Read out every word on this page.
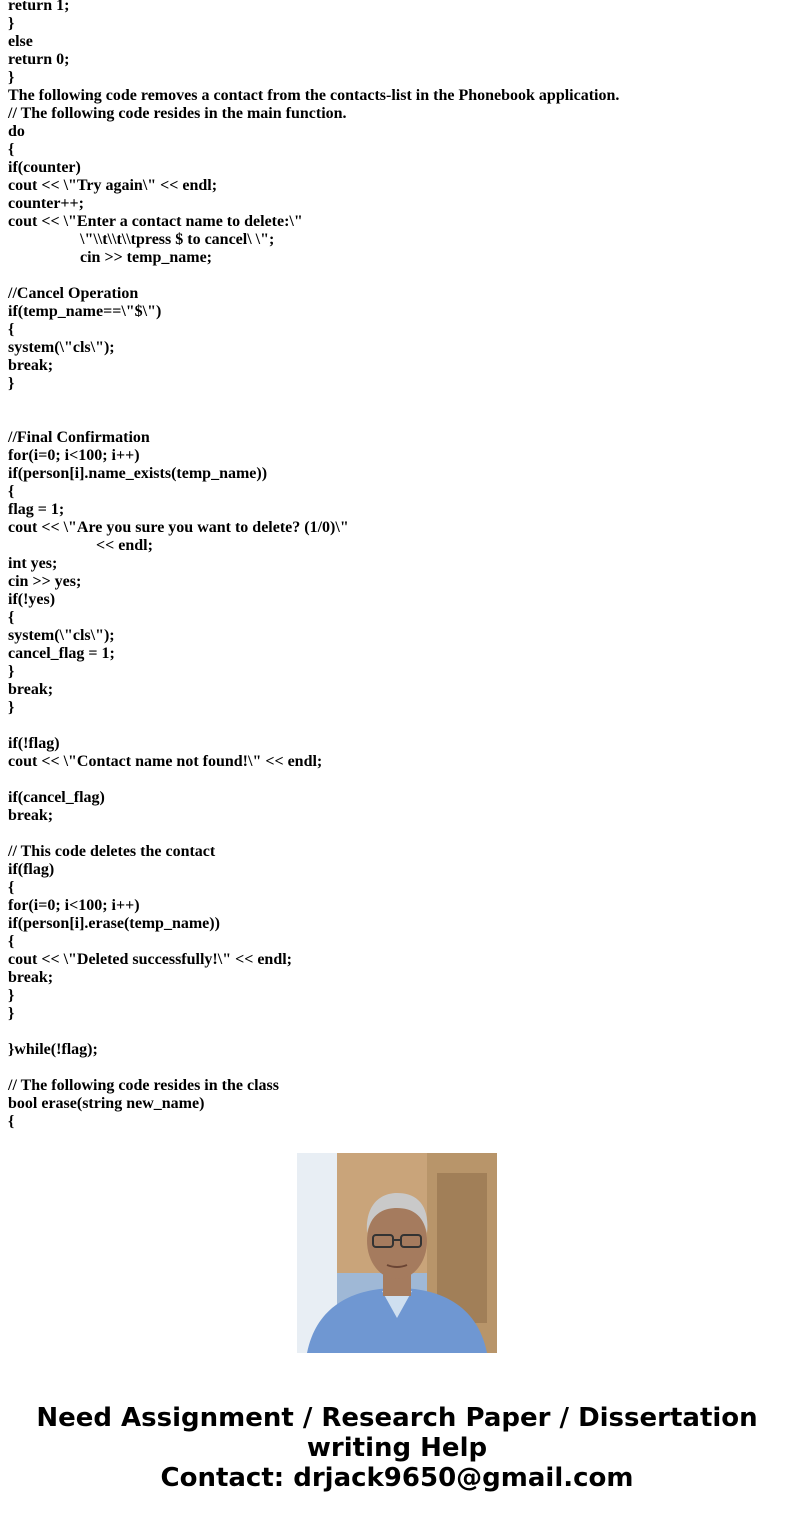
return 1;
}
else
return 0;
}
The following code removes a contact from the contacts-list in the Phonebook application.
// The following code resides in the main function.
do
{
if(counter)
cout << \"Try again\" << endl;
counter++;
cout << \"Enter a contact name to delete:\"
\"\\t\\t\\tpress $ to cancel\ \";
cin >> temp_name;
//Cancel Operation
if(temp_name==\"$\")
{
system(\"cls\");
break;
}
//Final Confirmation
for(i=0; i<100; i++)
if(person[i].name_exists(temp_name))
{
flag = 1;
cout << \"Are you sure you want to delete? (1/0)\"
<< endl;
int yes;
cin >> yes;
if(!yes)
{
system(\"cls\");
cancel_flag = 1;
}
break;
}
if(!flag)
cout << \"Contact name not found!\" << endl;
if(cancel_flag)
break;
// This code deletes the contact
if(flag)
{
for(i=0; i<100; i++)
if(person[i].erase(temp_name))
{
cout << \"Deleted successfully!\" << endl;
break;
}
}
}while(!flag);
// The following code resides in the class
bool erase(string new_name)
{
Need Assignment / Research Paper / Dissertation
writing Help
Contact: drjack9650@gmail.com
